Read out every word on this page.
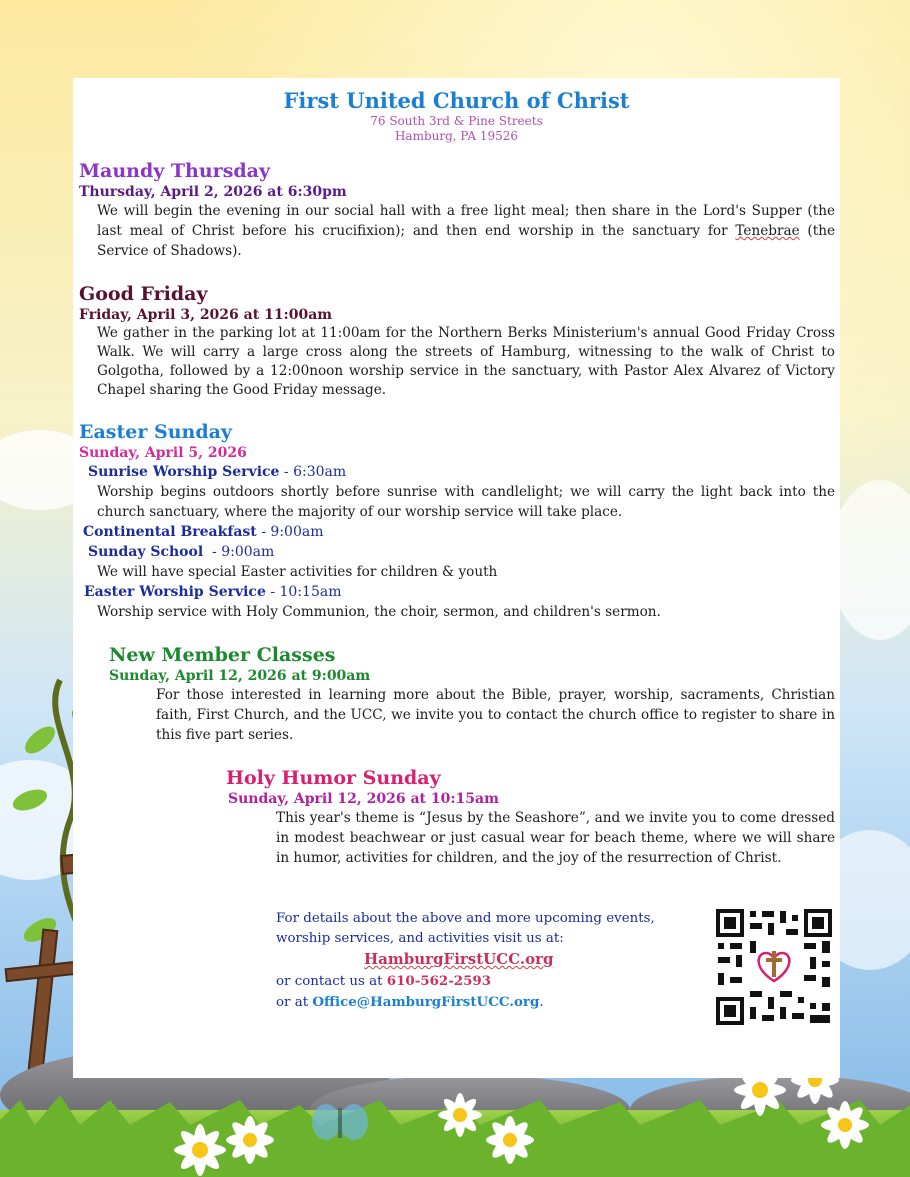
First United Church of Christ
76 South 3rd & Pine Streets
Hamburg, PA 19526
Maundy Thursday
Thursday, April 2, 2026 at 6:30pm
We will begin the evening in our social hall with a free light meal; then share in the Lord's Supper (the last meal of Christ before his crucifixion); and then end worship in the sanctuary for Tenebrae (the Service of Shadows).
Good Friday
Friday, April 3, 2026 at 11:00am
We gather in the parking lot at 11:00am for the Northern Berks Ministerium's annual Good Friday Cross Walk. We will carry a large cross along the streets of Hamburg, witnessing to the walk of Christ to Golgotha, followed by a 12:00noon worship service in the sanctuary, with Pastor Alex Alvarez of Victory Chapel sharing the Good Friday message.
Easter Sunday
Sunday, April 5, 2026
Sunrise Worship Service - 6:30am
Worship begins outdoors shortly before sunrise with candlelight; we will carry the light back into the church sanctuary, where the majority of our worship service will take place.
Continental Breakfast - 9:00am
Sunday School  - 9:00am
We will have special Easter activities for children & youth
Easter Worship Service - 10:15am
Worship service with Holy Communion, the choir, sermon, and children's sermon.
New Member Classes
Sunday, April 12, 2026 at 9:00am
For those interested in learning more about the Bible, prayer, worship, sacraments, Christian faith, First Church, and the UCC, we invite you to contact the church office to register to share in this five part series.
Holy Humor Sunday
Sunday, April 12, 2026 at 10:15am
This year's theme is “Jesus by the Seashore”, and we invite you to come dressed in modest beachwear or just casual wear for beach theme, where we will share in humor, activities for children, and the joy of the resurrection of Christ.
For details about the above and more upcoming events,
worship services, and activities visit us at:
HamburgFirstUCC.org
or contact us at 610-562-2593
or at Office@HamburgFirstUCC.org.
